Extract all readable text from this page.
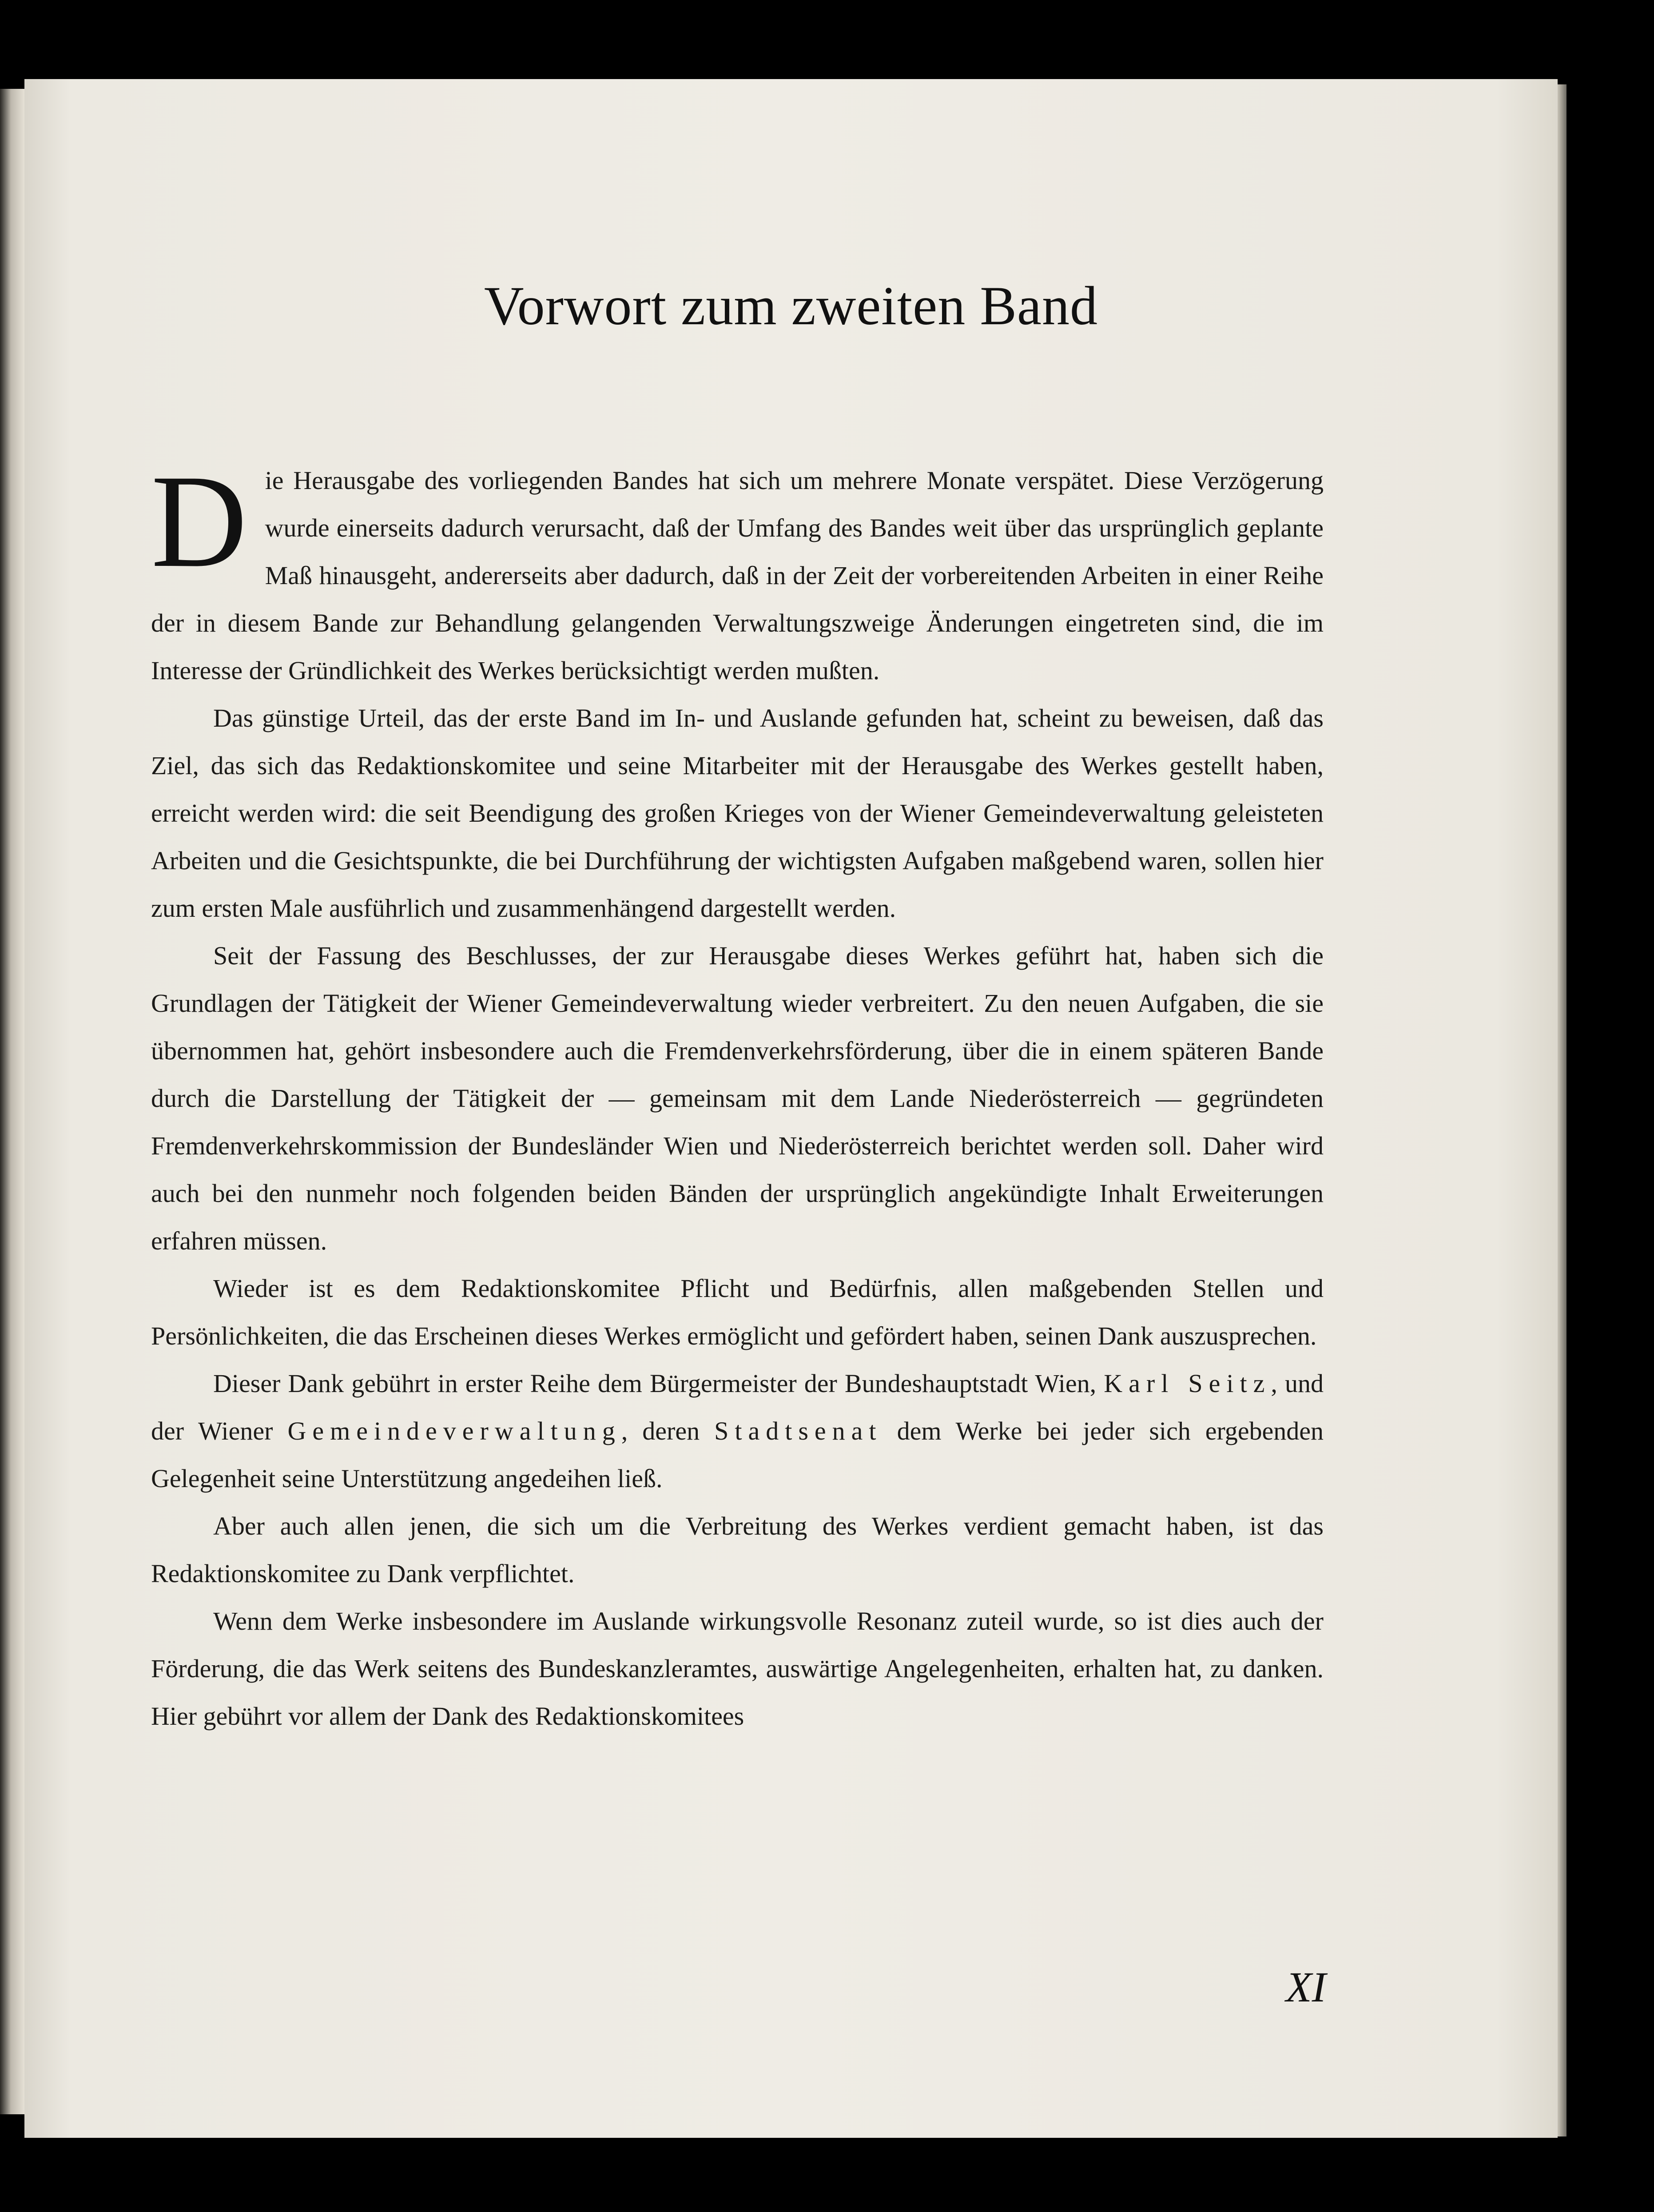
Vorwort zum zweiten Band

Die Herausgabe des vorliegenden Bandes hat sich um mehrere Monate verspätet. Diese Verzögerung wurde einerseits dadurch verursacht, daß der Umfang des Bandes weit über das ursprünglich geplante Maß hinausgeht, andererseits aber dadurch, daß in der Zeit der vorbereitenden Arbeiten in einer Reihe der in diesem Bande zur Behandlung gelangenden Verwaltungszweige Änderungen eingetreten sind, die im Interesse der Gründlichkeit des Werkes berücksichtigt werden mußten.

Das günstige Urteil, das der erste Band im In- und Auslande gefunden hat, scheint zu beweisen, daß das Ziel, das sich das Redaktionskomitee und seine Mitarbeiter mit der Herausgabe des Werkes gestellt haben, erreicht werden wird: die seit Beendigung des großen Krieges von der Wiener Gemeindeverwaltung geleisteten Arbeiten und die Gesichtspunkte, die bei Durchführung der wichtigsten Aufgaben maßgebend waren, sollen hier zum ersten Male ausführlich und zusammenhängend dargestellt werden.

Seit der Fassung des Beschlusses, der zur Herausgabe dieses Werkes geführt hat, haben sich die Grundlagen der Tätigkeit der Wiener Gemeindeverwaltung wieder verbreitert. Zu den neuen Aufgaben, die sie übernommen hat, gehört insbesondere auch die Fremdenverkehrsförderung, über die in einem späteren Bande durch die Darstellung der Tätigkeit der — gemeinsam mit dem Lande Niederösterreich — gegründeten Fremdenverkehrskommission der Bundesländer Wien und Niederösterreich berichtet werden soll. Daher wird auch bei den nunmehr noch folgenden beiden Bänden der ursprünglich angekündigte Inhalt Erweiterungen erfahren müssen.

Wieder ist es dem Redaktionskomitee Pflicht und Bedürfnis, allen maßgebenden Stellen und Persönlichkeiten, die das Erscheinen dieses Werkes ermöglicht und gefördert haben, seinen Dank auszusprechen.

Dieser Dank gebührt in erster Reihe dem Bürgermeister der Bundeshauptstadt Wien, Karl Seitz, und der Wiener Gemeindeverwaltung, deren Stadtsenat dem Werke bei jeder sich ergebenden Gelegenheit seine Unterstützung angedeihen ließ.

Aber auch allen jenen, die sich um die Verbreitung des Werkes verdient gemacht haben, ist das Redaktionskomitee zu Dank verpflichtet.

Wenn dem Werke insbesondere im Auslande wirkungsvolle Resonanz zuteil wurde, so ist dies auch der Förderung, die das Werk seitens des Bundeskanzleramtes, auswärtige Angelegenheiten, erhalten hat, zu danken. Hier gebührt vor allem der Dank des Redaktionskomitees

XI
